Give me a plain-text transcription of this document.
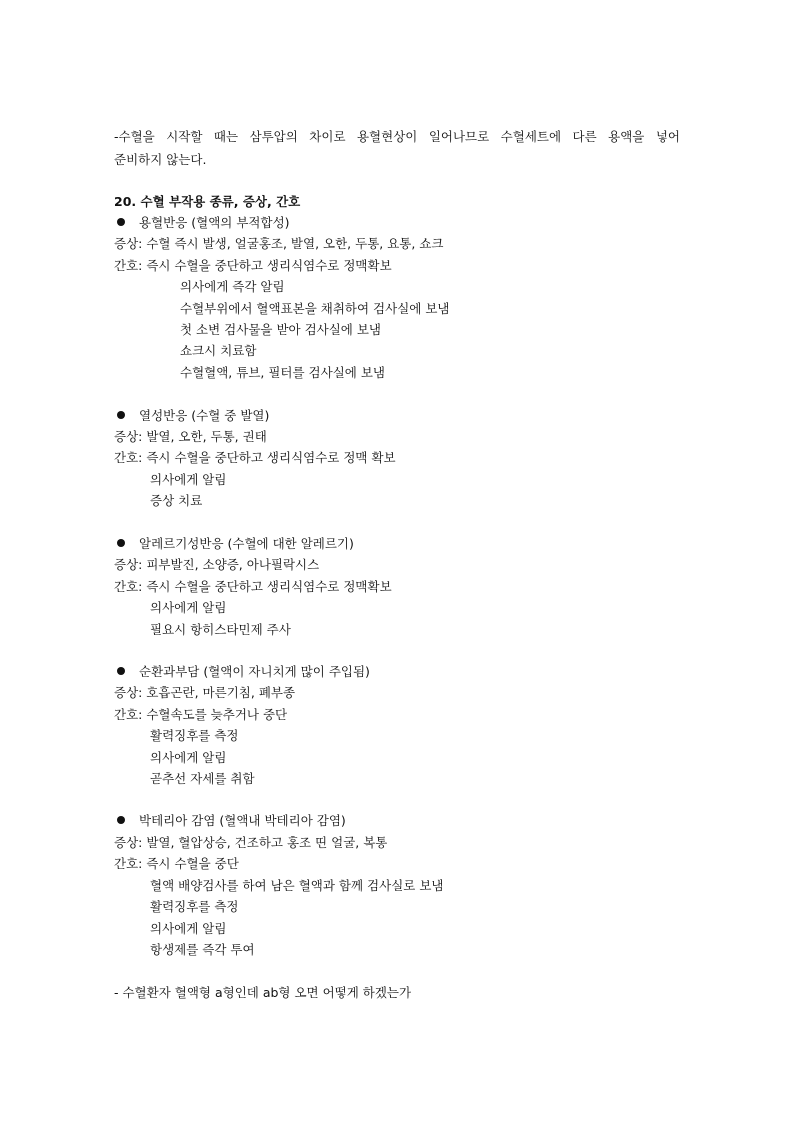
-수혈을 시작할 때는 삼투압의 차이로 용혈현상이 일어나므로 수혈세트에 다른 용액을 넣어
준비하지 않는다.
20. 수혈 부작용 종류, 증상, 간호
용혈반응 (혈액의 부적합성)
증상: 수혈 즉시 발생, 얼굴홍조, 발열, 오한, 두통, 요통, 쇼크
간호: 즉시 수혈을 중단하고 생리식염수로 정맥확보
의사에게 즉각 알림
수혈부위에서 혈액표본을 채취하여 검사실에 보냄
첫 소변 검사물을 받아 검사실에 보냄
쇼크시 치료함
수혈혈액, 튜브, 필터를 검사실에 보냄
열성반응 (수혈 중 발열)
증상: 발열, 오한, 두통, 권태
간호: 즉시 수혈을 중단하고 생리식염수로 정맥 확보
의사에게 알림
증상 치료
알레르기성반응 (수혈에 대한 알레르기)
증상: 피부발진, 소양증, 아나필락시스
간호: 즉시 수혈을 중단하고 생리식염수로 정맥확보
의사에게 알림
필요시 항히스타민제 주사
순환과부담 (혈액이 자니치게 많이 주입됨)
증상: 호흡곤란, 마른기침, 폐부종
간호: 수혈속도를 늦추거나 중단
활력징후를 측정
의사에게 알림
곧추선 자세를 취함
박테리아 감염 (혈액내 박테리아 감염)
증상: 발열, 혈압상승, 건조하고 홍조 띤 얼굴, 복통
간호: 즉시 수혈을 중단
혈액 배양검사를 하여 남은 혈액과 함께 검사실로 보냄
활력징후를 측정
의사에게 알림
항생제를 즉각 투여
- 수혈환자 혈액형 a형인데 ab형 오면 어떻게 하겠는가
